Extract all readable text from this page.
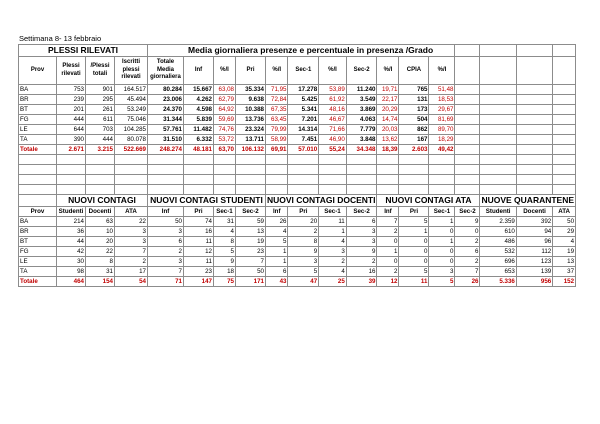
Settimana 8- 13 febbraio
PLESSI RILEVATI				Media giornaliera presenze e percentuale in presenza /Grado														
Prov	Plessi rilevati	/Plessi totali	Iscritti plessi rilevati	Totale Media giornaliera	Inf	%/I	Pri	%/I	Sec-1	%/I	Sec-2	%/I	CPIA	%/I				
BA	753	901	164.517	80.284	15.667	63,08	35.334	71,95	17.278	53,89	11.240	19,71	765	51,48				
BR	239	295	45.494	23.006	4.262	62,79	9.638	72,84	5.425	61,92	3.549	22,17	131	18,53				
BT	201	261	53.249	24.370	4.598	64,92	10.388	67,35	5.341	48,16	3.869	20,29	173	29,67				
FG	444	611	75.046	31.344	5.839	59,69	13.736	63,45	7.201	46,67	4.063	14,74	504	81,69				
LE	644	703	104.285	57.761	11.482	74,76	23.324	79,99	14.314	71,66	7.779	20,03	862	89,70				
TA	390	444	80.078	31.510	6.332	53,72	13.711	58,99	7.451	46,90	3.848	13,62	167	18,29				
Totale	2.671	3.215	522.669	248.274	48.181	63,70	106.132	69,91	57.010	55,24	34.348	18,39	2.603	49,42				

	NUOVI CONTAGI			NUOVI CONTAGI STUDENTI				NUOVI CONTAGI DOCENTI				NUOVI CONTAGI ATA				NUOVE QUARANTENE		
Prov	Studenti	Docenti	ATA	Inf	Pri	Sec-1	Sec-2	Inf	Pri	Sec-1	Sec-2	Inf	Pri	Sec-1	Sec-2	Studenti	Docenti	ATA
BA	214	63	22	50	74	31	59	26	20	11	6	7	5	1	9	2.359	392	50
BR	36	10	3	3	16	4	13	4	2	1	3	2	1	0	0	610	94	29
BT	44	20	3	6	11	8	19	5	8	4	3	0	0	1	2	486	96	4
FG	42	22	7	2	12	5	23	1	9	3	9	1	0	0	6	532	112	19
LE	30	8	2	3	11	9	7	1	3	2	2	0	0	0	2	696	123	13
TA	98	31	17	7	23	18	50	6	5	4	16	2	5	3	7	653	139	37
Totale	464	154	54	71	147	75	171	43	47	25	39	12	11	5	26	5.336	956	152
